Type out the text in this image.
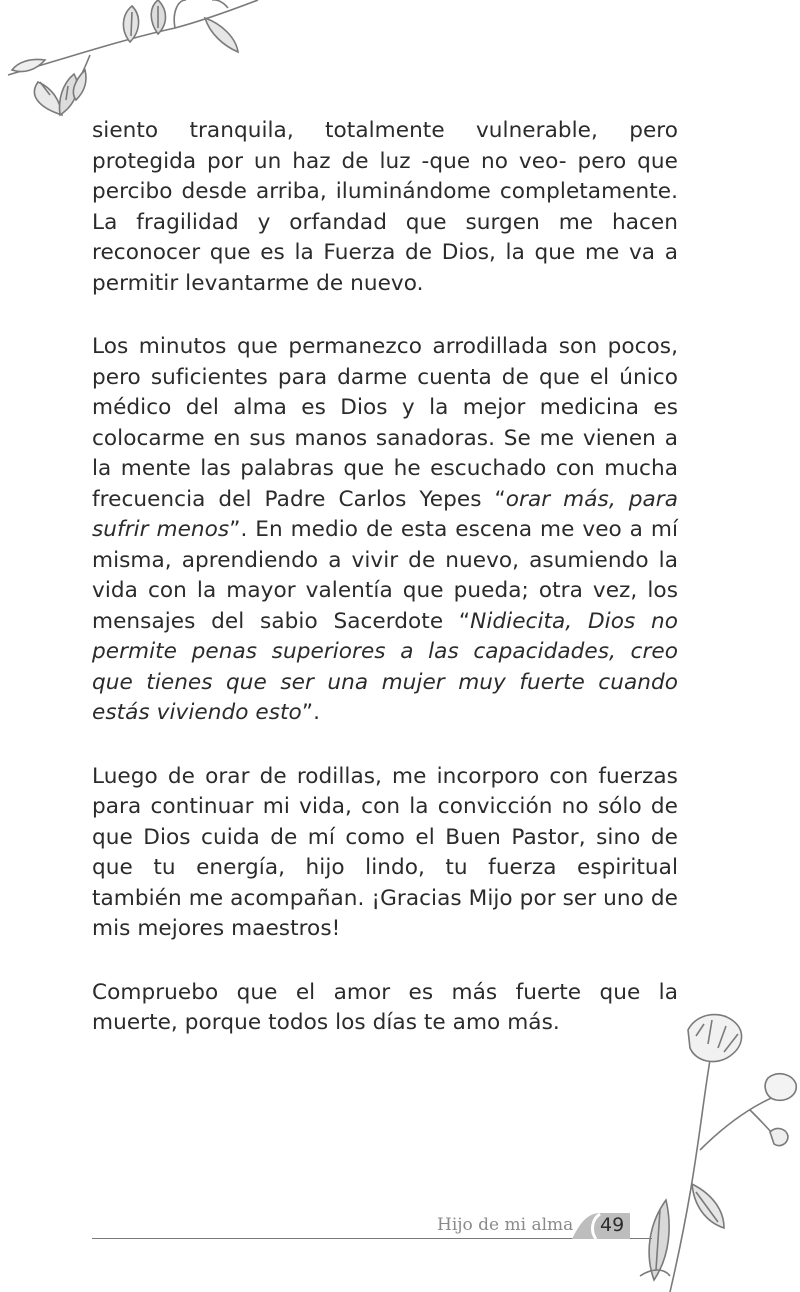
siento tranquila, totalmente vulnerable, pero protegida por un haz de luz -que no veo- pero que percibo desde arriba, iluminándome completamente. La fragilidad y orfandad que surgen me hacen reconocer que es la Fuerza de Dios, la que me va a permitir levantarme de nuevo.

Los minutos que permanezco arrodillada son pocos, pero suficientes para darme cuenta de que el único médico del alma es Dios y la mejor medicina es colocarme en sus manos sanadoras. Se me vienen a la mente las palabras que he escuchado con mucha frecuencia del Padre Carlos Yepes “orar más, para sufrir menos”. En medio de esta escena me veo a mí misma, aprendiendo a vivir de nuevo, asumiendo la vida con la mayor valentía que pueda; otra vez, los mensajes del sabio Sacerdote “Nidiecita, Dios no permite penas superiores a las capacidades, creo que tienes que ser una mujer muy fuerte cuando estás viviendo esto”.

Luego de orar de rodillas, me incorporo con fuerzas para continuar mi vida, con la convicción no sólo de que Dios cuida de mí como el Buen Pastor, sino de que tu energía, hijo lindo, tu fuerza espiritual también me acompañan. ¡Gracias Mijo por ser uno de mis mejores maestros!

Compruebo que el amor es más fuerte que la muerte, porque todos los días te amo más.

Hijo de mi alma 49
